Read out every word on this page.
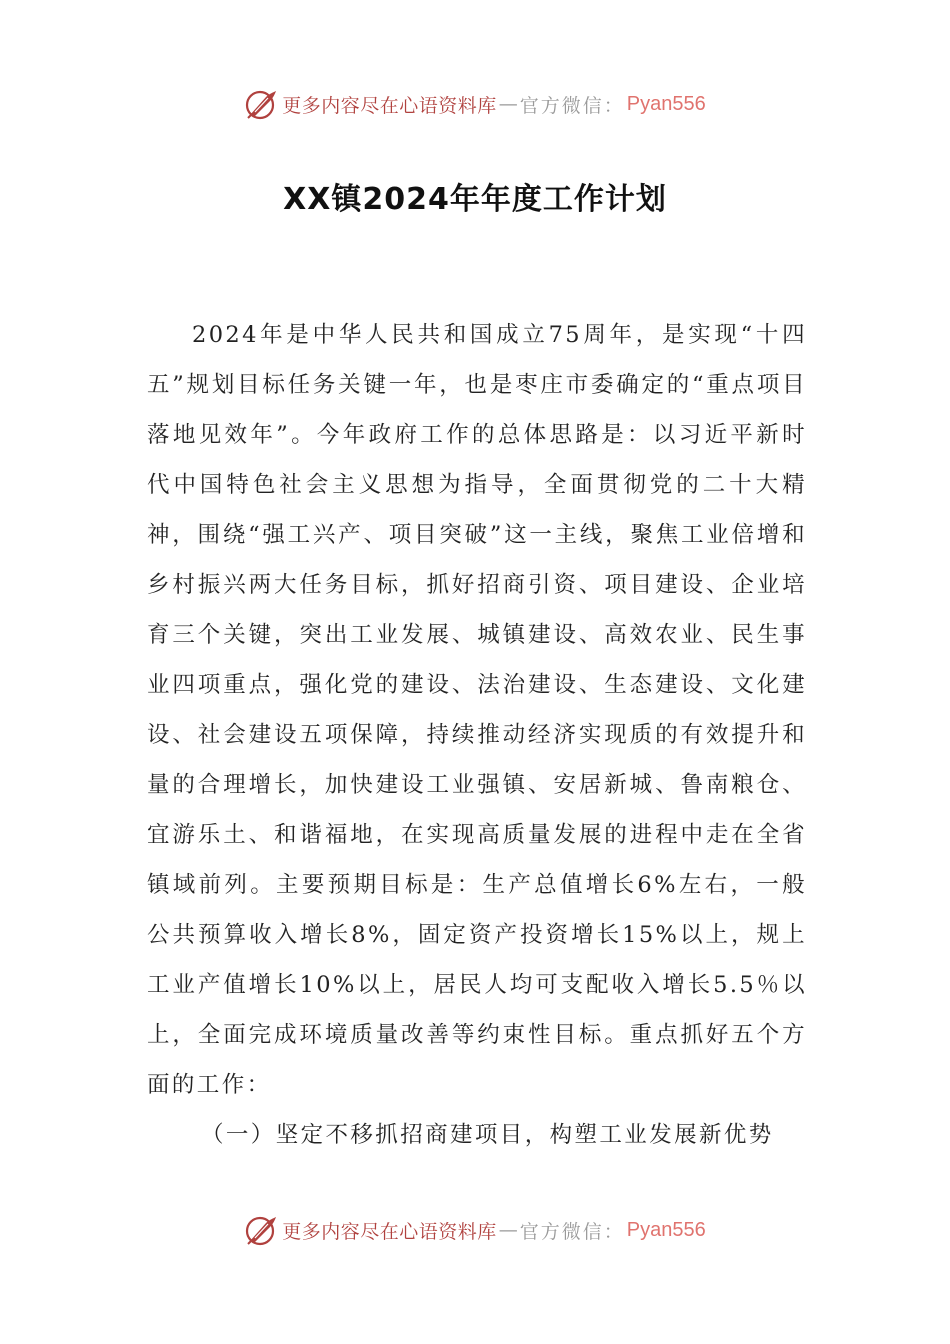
更多内容尽在心语资料库 — 官方微信： Pyan556
XX镇2024年年度工作计划

2024年是中华人民共和国成立75周年，是实现“十四五”规划目标任务关键一年，也是枣庄市委确定的“重点项目落地见效年”。今年政府工作的总体思路是：以习近平新时代中国特色社会主义思想为指导，全面贯彻党的二十大精神，围绕“强工兴产、项目突破”这一主线，聚焦工业倍增和乡村振兴两大任务目标，抓好招商引资、项目建设、企业培育三个关键，突出工业发展、城镇建设、高效农业、民生事业四项重点，强化党的建设、法治建设、生态建设、文化建设、社会建设五项保障，持续推动经济实现质的有效提升和量的合理增长，加快建设工业强镇、安居新城、鲁南粮仓、宜游乐土、和谐福地，在实现高质量发展的进程中走在全省镇域前列。主要预期目标是：生产总值增长6%左右，一般公共预算收入增长8%，固定资产投资增长15%以上，规上工业产值增长10%以上，居民人均可支配收入增长5.5％以上，全面完成环境质量改善等约束性目标。重点抓好五个方面的工作：

（一）坚定不移抓招商建项目，构塑工业发展新优势

更多内容尽在心语资料库 — 官方微信： Pyan556
